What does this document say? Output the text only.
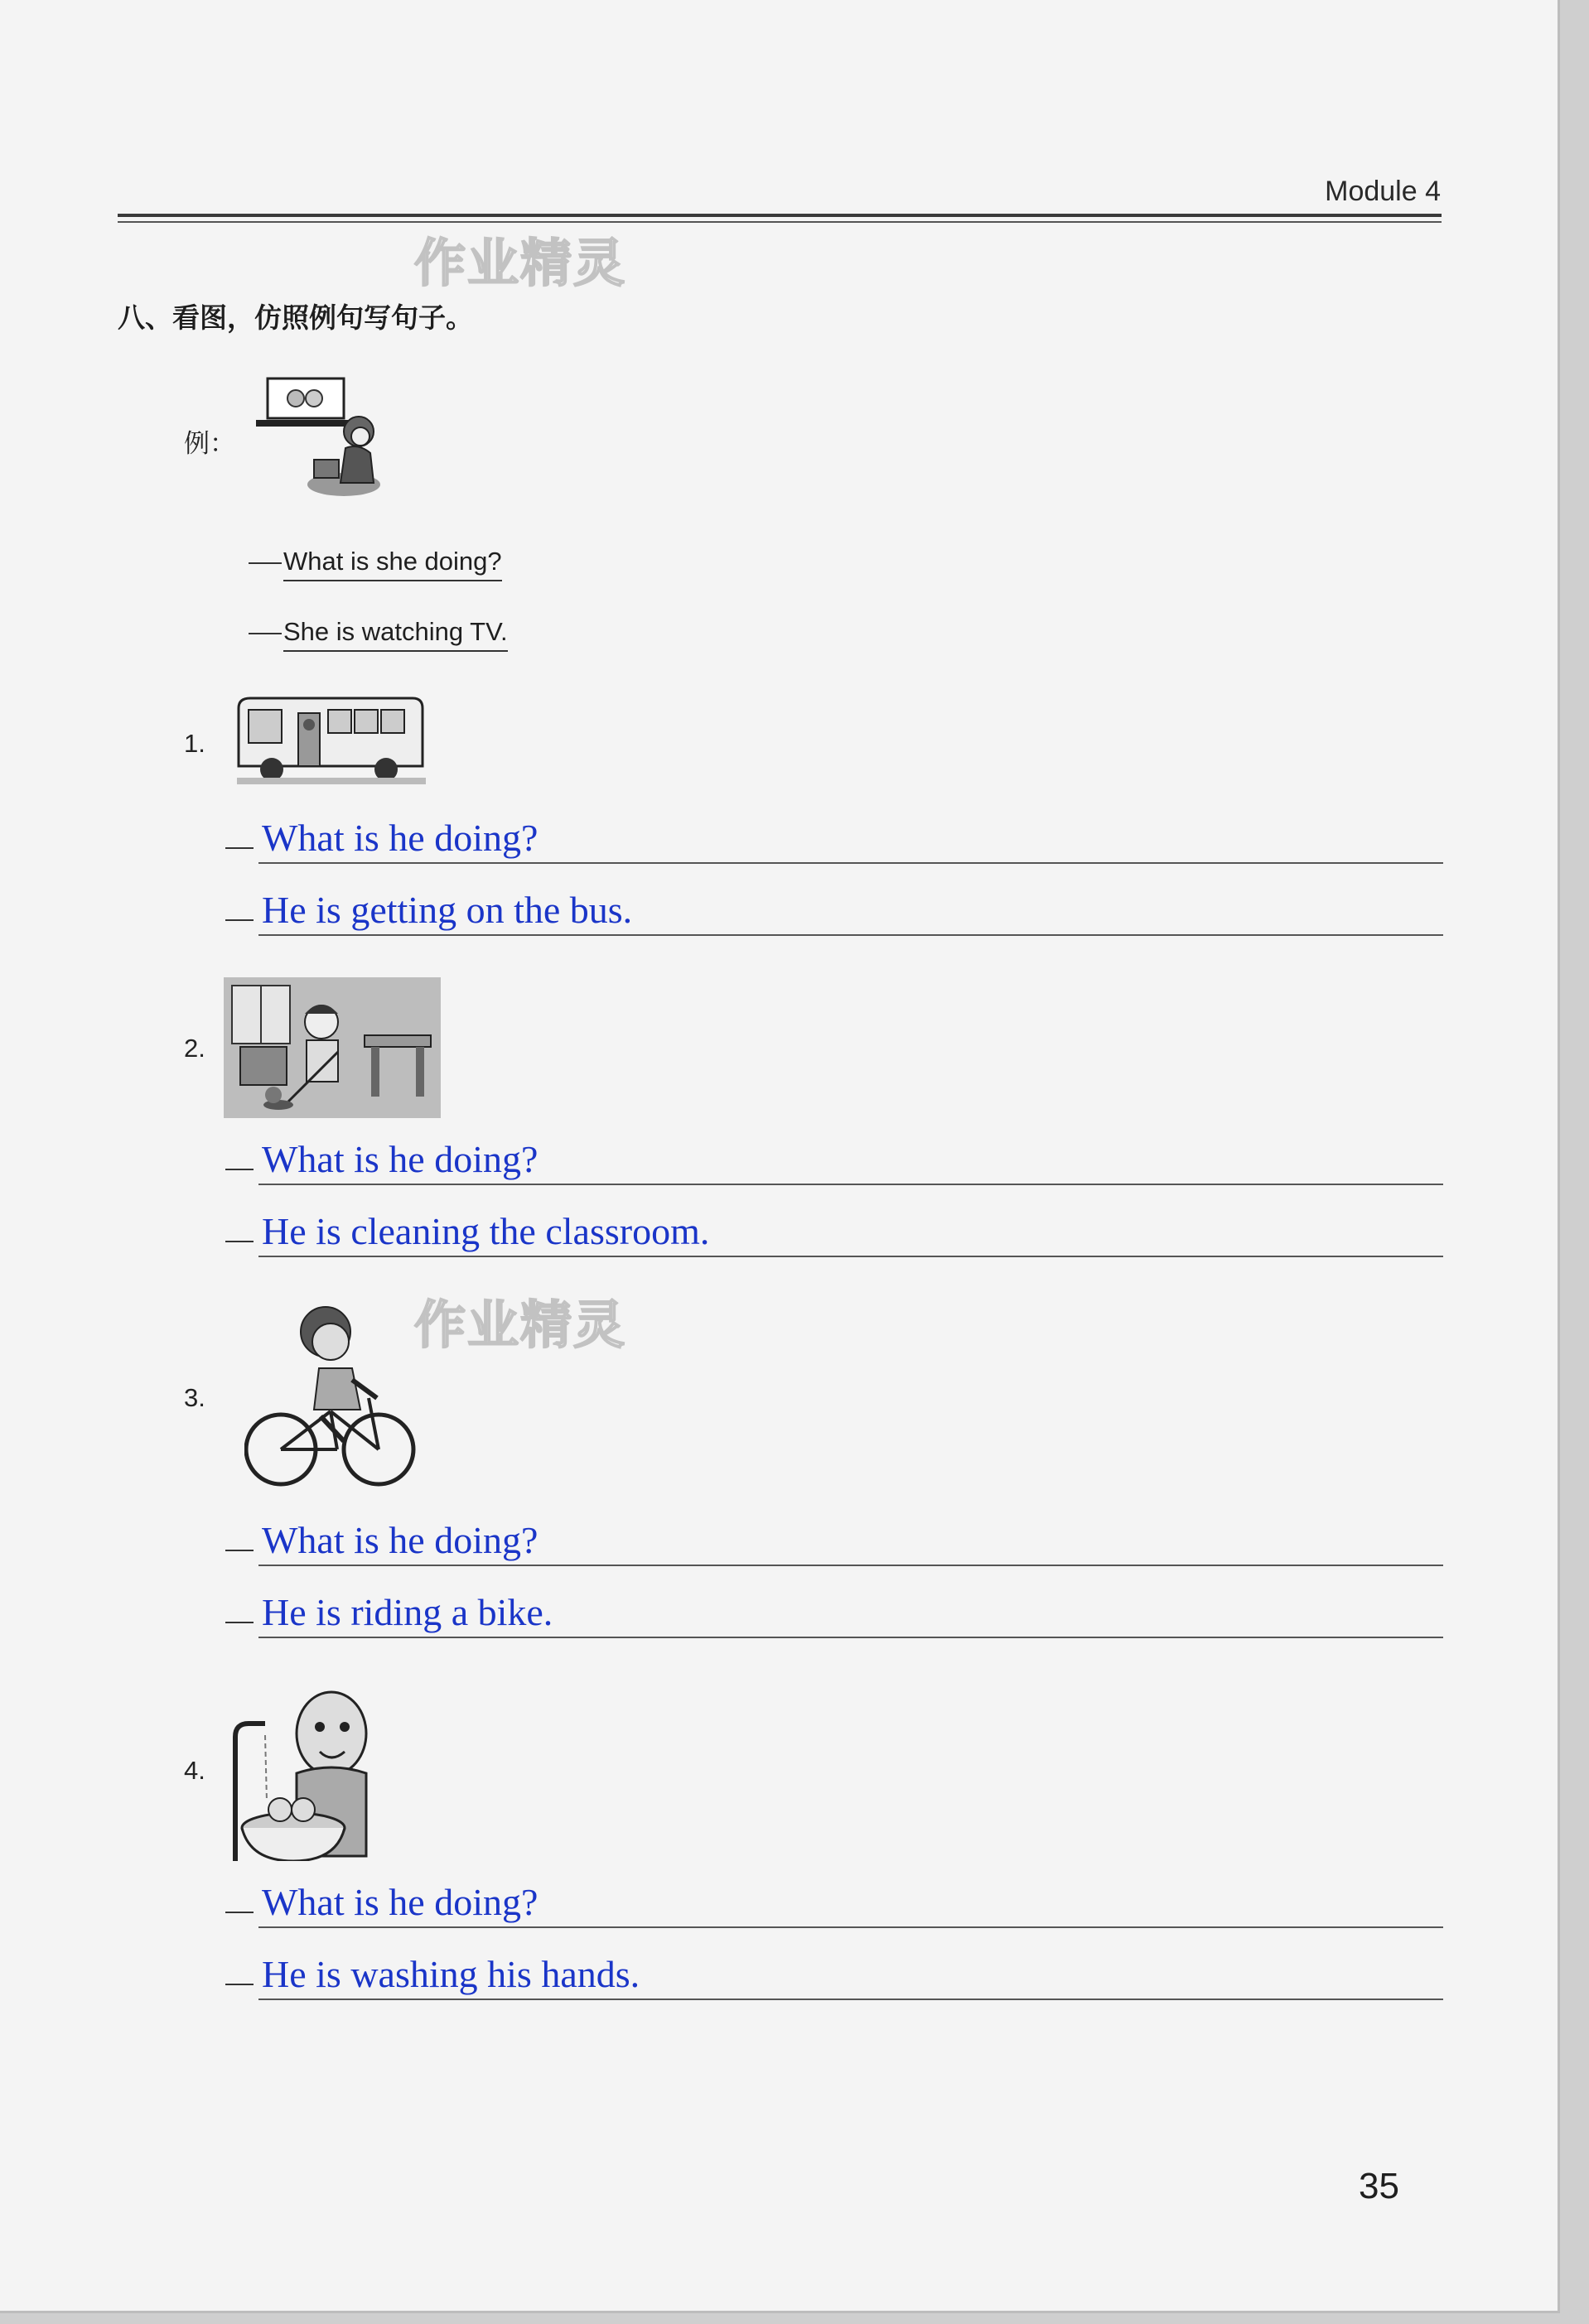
Module 4
作业精灵
作业精灵
八、看图，仿照例句写句子。
例：
What is she doing?
She is watching TV.
1.
What is he doing?
He is getting on the bus.
2.
What is he doing?
He is cleaning the classroom.
3.
What is he doing?
He is riding a bike.
4.
What is he doing?
He is washing his hands.
35
